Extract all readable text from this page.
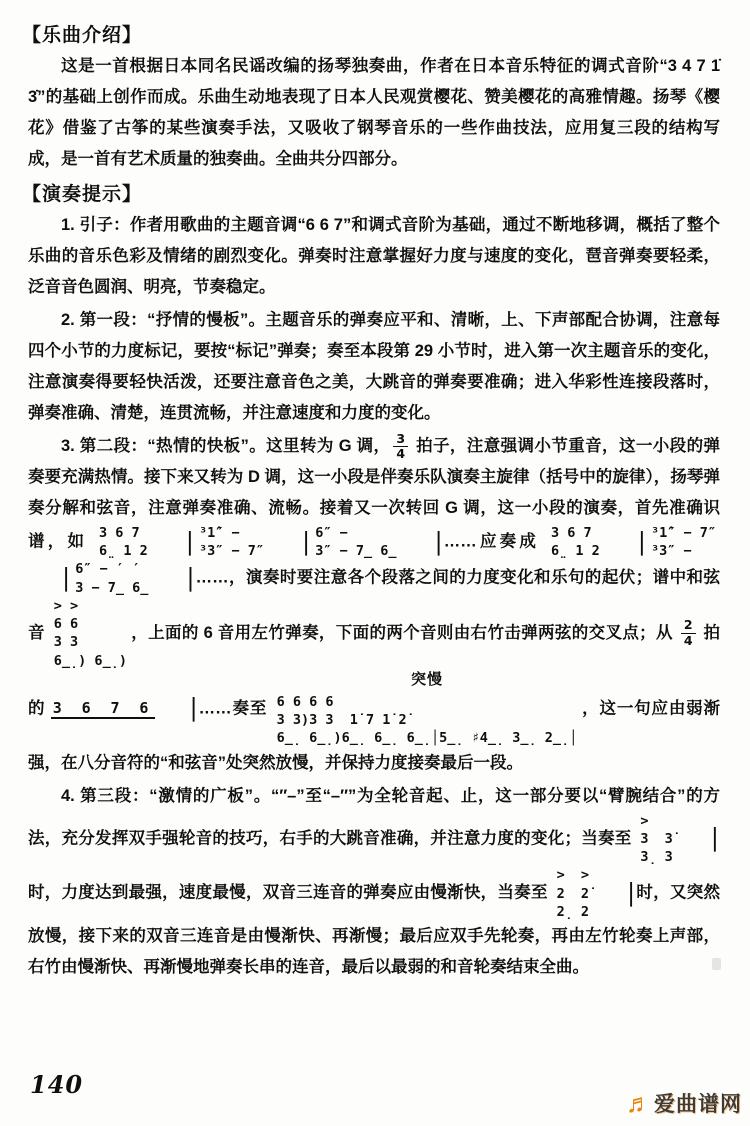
【乐曲介绍】
这是一首根据日本同名民谣改编的扬琴独奏曲，作者在日本音乐特征的调式音阶“3 4 7 1̇ 3̇”的基础上创作而成。乐曲生动地表现了日本人民观赏樱花、赞美樱花的高雅情趣。扬琴《樱花》借鉴了古筝的某些演奏手法，又吸收了钢琴音乐的一些作曲技法，应用复三段的结构写成，是一首有艺术质量的独奏曲。全曲共分四部分。
【演奏提示】
1. 引子：作者用歌曲的主题音调“6 6 7”和调式音阶为基础，通过不断地移调，概括了整个乐曲的音乐色彩及情绪的剧烈变化。弹奏时注意掌握好力度与速度的变化，琶音弹奏要轻柔，泛音音色圆润、明亮，节奏稳定。
2. 第一段：“抒情的慢板”。主题音乐的弹奏应平和、清晰，上、下声部配合协调，注意每四个小节的力度标记，要按“标记”弹奏；奏至本段第 29 小节时，进入第一次主题音乐的变化，注意演奏得要轻快活泼，还要注意音色之美，大跳音的弹奏要准确；进入华彩性连接段落时，弹奏准确、清楚，连贯流畅，并注意速度和力度的变化。
3. 第二段：“热情的快板”。这里转为 G 调， $\frac{3}{4}$ 拍子，注意强调小节重音，这一小段的弹奏要充满热情。接下来又转为 D 调，这一小段是伴奏乐队演奏主旋律（括号中的旋律），扬琴弹奏分解和弦音，注意弹奏准确、流畅。接着又一次转回 G 调，这一小段的演奏，首先准确识谱，如 3 6 7
6̤ 1 2	| ³1̇″ −
³3″ − 7″	| 6″ −
3″ − 7̲ 6̲	| ……应奏成 3 6 7
6̤ 1 2	| ³1̇″ − 7″
³3″ −
| 6″ − ′ ′
3 − 7̲ 6̲	| ……，演奏时要注意各个段落之间的力度变化和乐句的起伏；谱中和弦音
> >
6 6
3 3
6̲̣) 6̲̣)
，上面的 6 音用左竹弹奏，下面的两个音则由右竹击弹两弦的交叉点；从 $\frac{2}{4}$ 拍的 3 6 7 6	| ……奏至
突慢
6 6 6 6
3 3)3 3  1̇ 7 1̇ 2̇
6̲̣ 6̲̣)6̲̣ 6̲̣ 6̲̣│5̲̣ ♯4̲̣ 3̲̣ 2̲̣│
，这一句应由弱渐强，在八分音符的“和弦音”处突然放慢，并保持力度接奏最后一段。
4. 第三段：“激情的广板”。“″–”至“–″”为全轮音起、止，这一部分要以“臂腕结合”的方法，充分发挥双手强轮音的技巧，右手的大跳音准确，并注意力度的变化；当奏至
>
3
3̣

3̇
3
|时，力度达到最强，速度最慢，双音三连音的弹奏应由慢渐快，当奏至
>
2
2̣
>
2̇
2
| 时，又突然放慢，接下来的双音三连音是由慢渐快、再渐慢；最后应双手先轮奏，再由左竹轮奏上声部，右竹由慢渐快、再渐慢地弹奏长串的连音，最后以最弱的和音轮奏结束全曲。
140
♬ 爱曲谱网
